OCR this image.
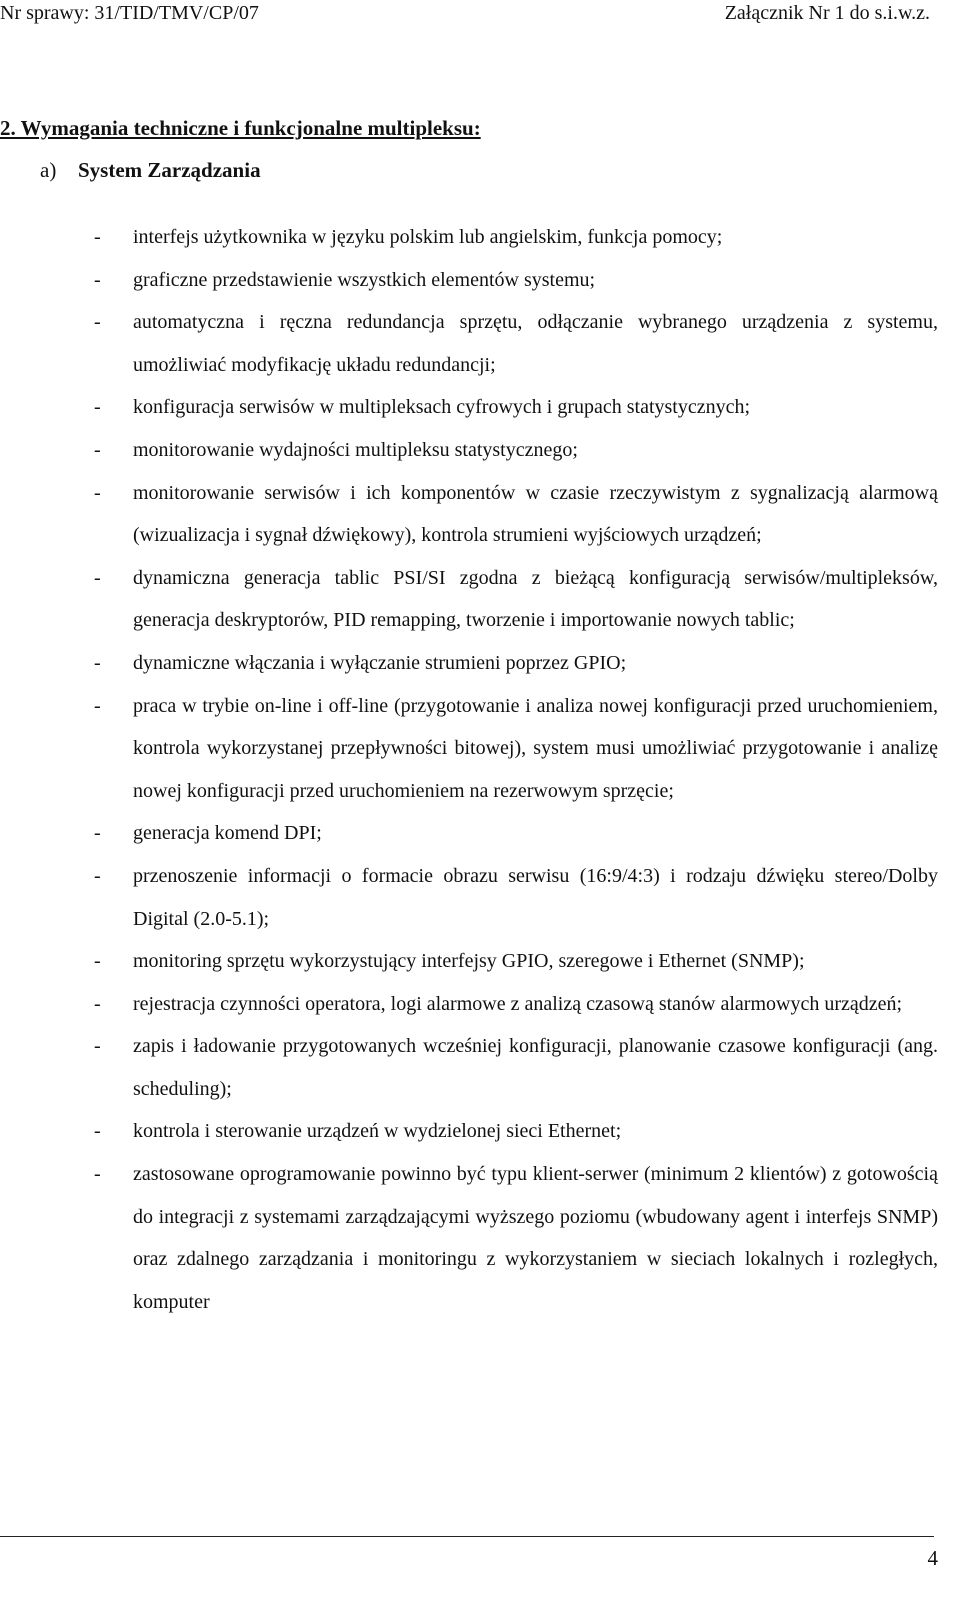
Nr sprawy: 31/TID/TMV/CP/07	Załącznik Nr 1 do s.i.w.z.
2. Wymagania techniczne i funkcjonalne multipleksu:
a) System Zarządzania
- interfejs użytkownika w języku polskim lub angielskim, funkcja pomocy;
- graficzne przedstawienie wszystkich elementów systemu;
- automatyczna i ręczna redundancja sprzętu, odłączanie wybranego urządzenia z systemu, umożliwiać modyfikację układu redundancji;
- konfiguracja serwisów w multipleksach cyfrowych i grupach statystycznych;
- monitorowanie wydajności multipleksu statystycznego;
- monitorowanie serwisów i ich komponentów w czasie rzeczywistym z sygnalizacją alarmową (wizualizacja i sygnał dźwiękowy), kontrola strumieni wyjściowych urządzeń;
- dynamiczna generacja tablic PSI/SI zgodna z bieżącą konfiguracją serwisów/multipleksów, generacja deskryptorów, PID remapping, tworzenie i importowanie nowych tablic;
- dynamiczne włączania i wyłączanie strumieni poprzez GPIO;
- praca w trybie on-line i off-line (przygotowanie i analiza nowej konfiguracji przed uruchomieniem, kontrola wykorzystanej przepływności bitowej), system musi umożliwiać przygotowanie i analizę nowej konfiguracji przed uruchomieniem na rezerwowym sprzęcie;
- generacja komend DPI;
- przenoszenie informacji o formacie obrazu serwisu (16:9/4:3) i rodzaju dźwięku stereo/Dolby Digital (2.0-5.1);
- monitoring sprzętu wykorzystujący interfejsy GPIO, szeregowe i Ethernet (SNMP);
- rejestracja czynności operatora, logi alarmowe z analizą czasową stanów alarmowych urządzeń;
- zapis i ładowanie przygotowanych wcześniej konfiguracji, planowanie czasowe konfiguracji (ang. scheduling);
- kontrola i sterowanie urządzeń w wydzielonej sieci Ethernet;
- zastosowane oprogramowanie powinno być typu klient-serwer (minimum 2 klientów) z gotowością do integracji z systemami zarządzającymi wyższego poziomu (wbudowany agent i interfejs SNMP) oraz zdalnego zarządzania i monitoringu z wykorzystaniem w sieciach lokalnych i rozległych, komputer
4
